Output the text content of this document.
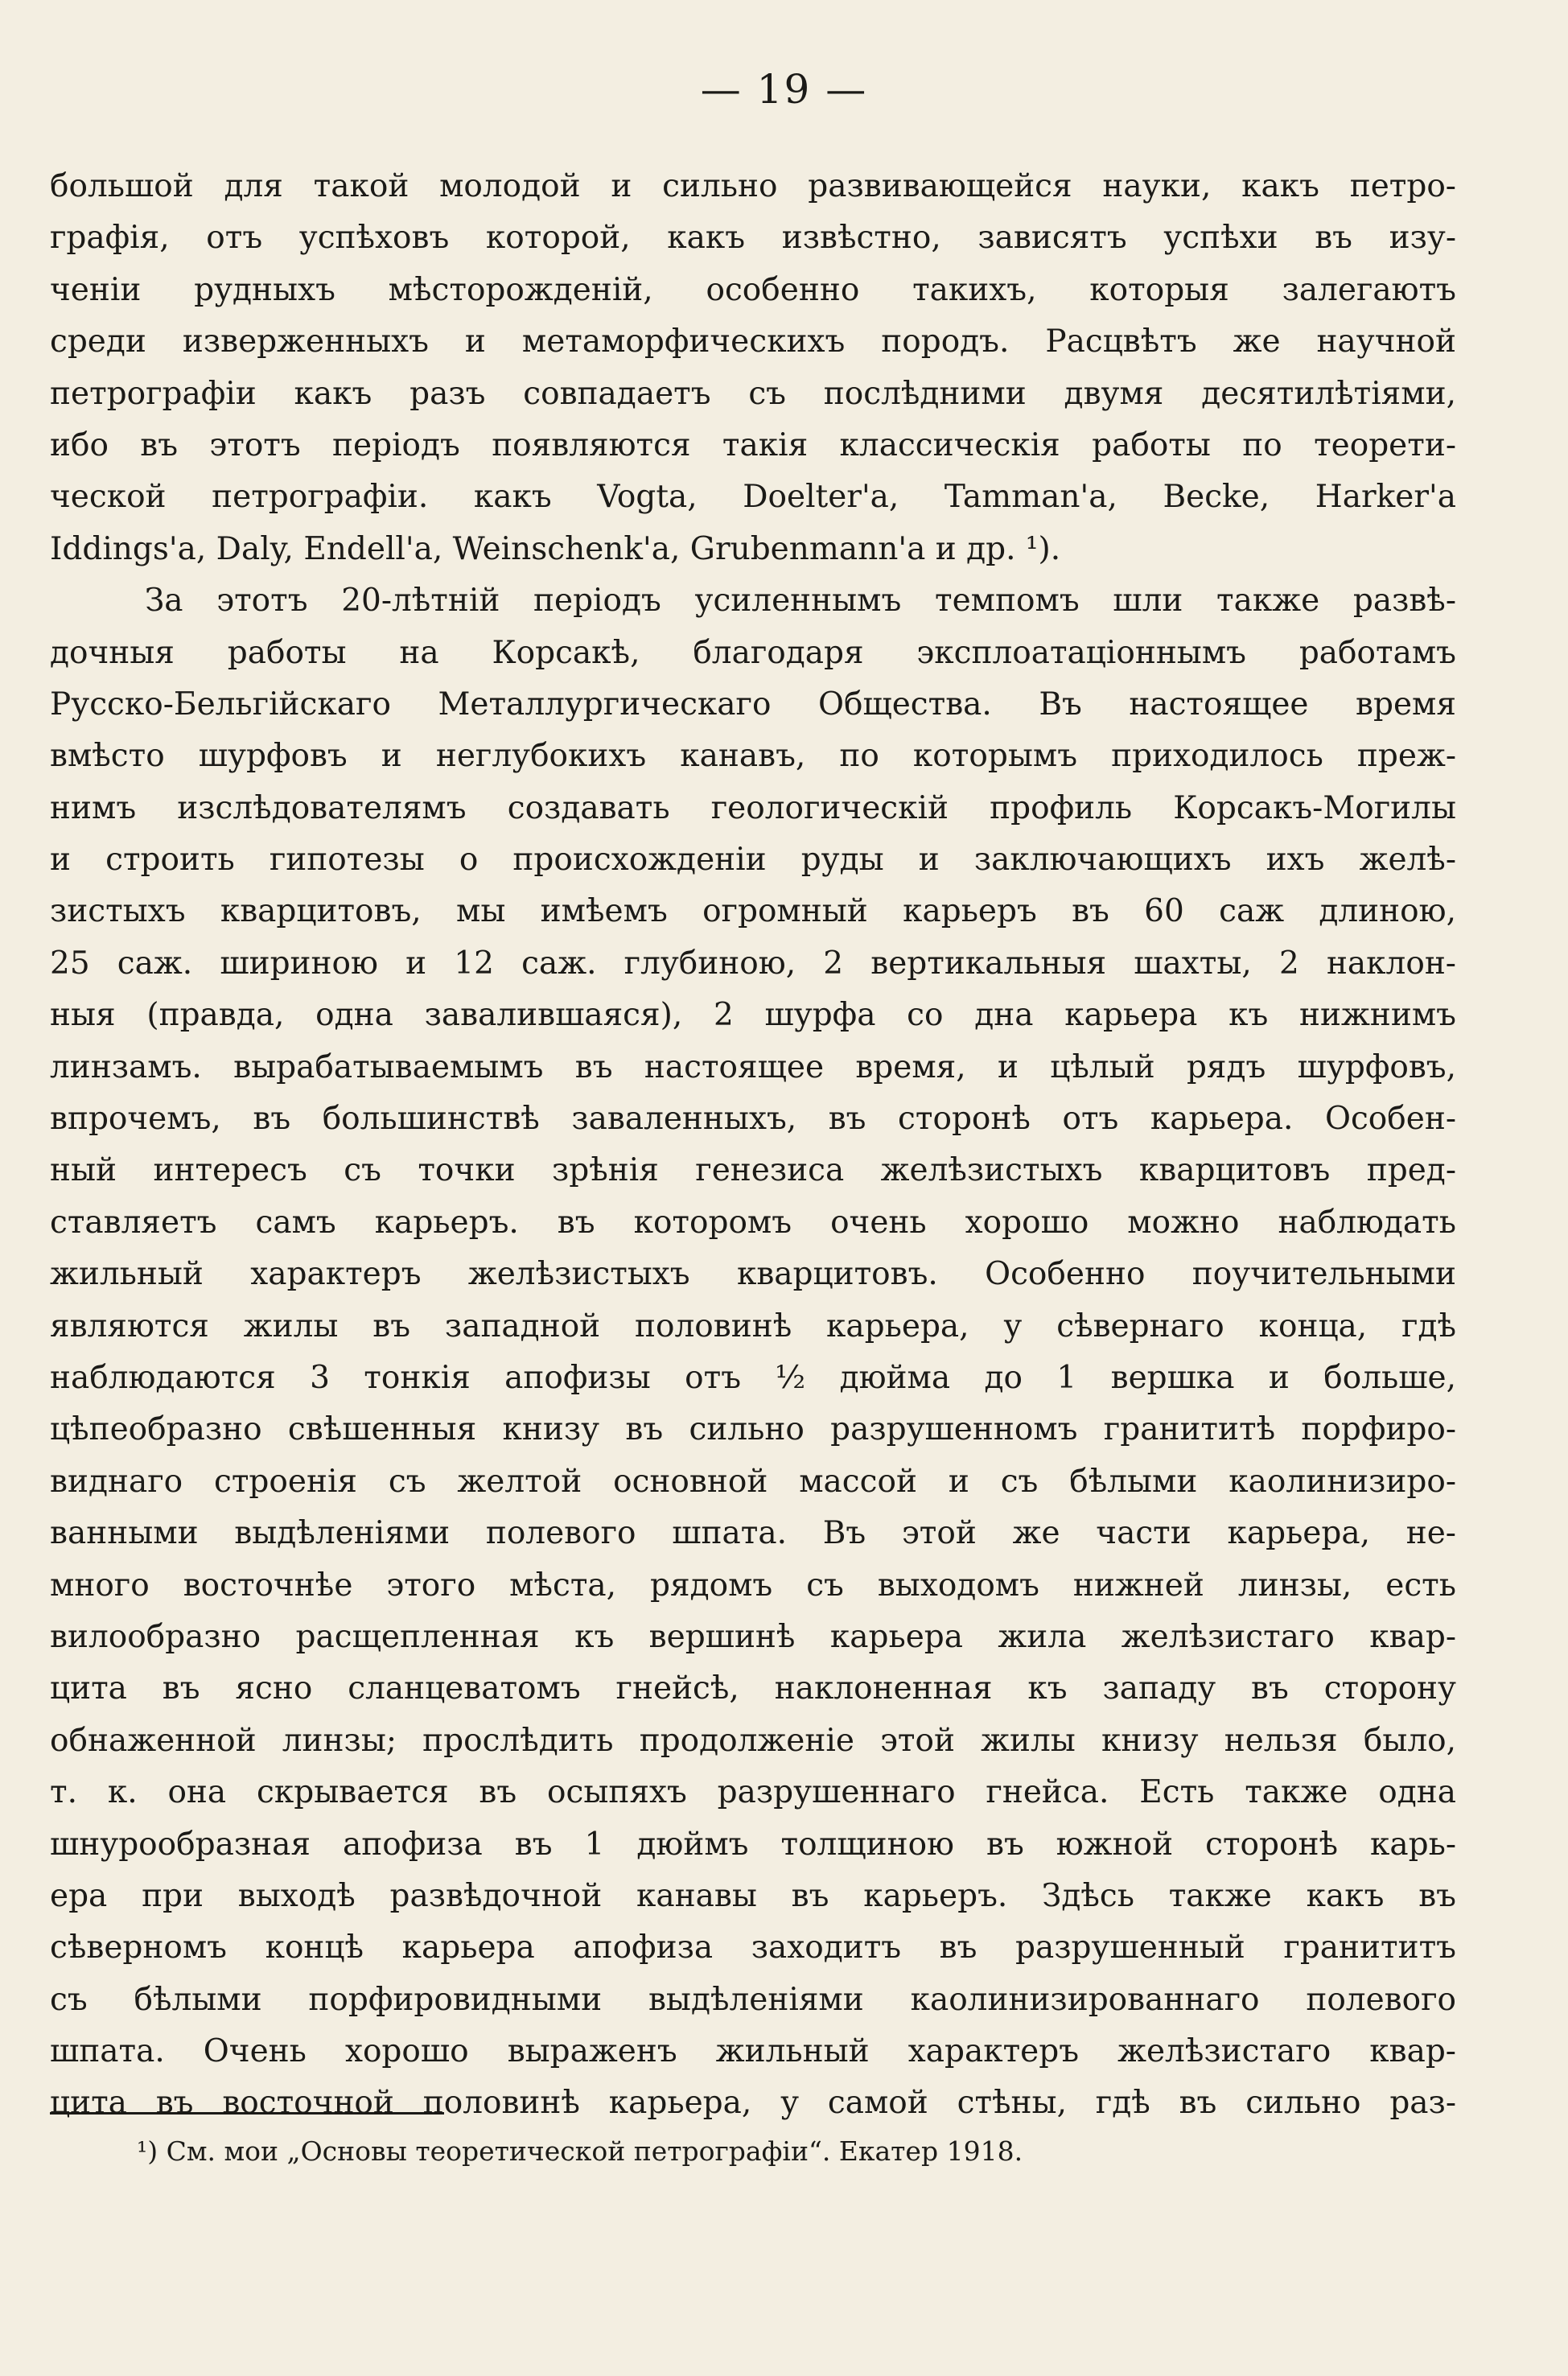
— 19 —
большой для такой молодой и сильно развивающейся науки, какъ петро-
графія, отъ успѣховъ которой, какъ извѣстно, зависятъ успѣхи въ изу-
ченіи рудныхъ мѣсторожденій, особенно такихъ, которыя залегаютъ
среди изверженныхъ и метаморфическихъ породъ. Расцвѣтъ же научной
петрографіи какъ разъ совпадаетъ съ послѣдними двумя десятилѣтіями,
ибо въ этотъ періодъ появляются такія классическія работы по теорети-
ческой петрографіи. какъ Vogta, Doelter'a, Tamman'a, Becke, Harker'a
Iddings'a, Daly, Endell'a, Weinschenk'a, Grubenmann'a и др. ¹).
За этотъ 20-лѣтній періодъ усиленнымъ темпомъ шли также развѣ-
дочныя работы на Корсакѣ, благодаря эксплоатаціоннымъ работамъ
Русско-Бельгійскаго Металлургическаго Общества. Въ настоящее время
вмѣсто шурфовъ и неглубокихъ канавъ, по которымъ приходилось преж-
нимъ изслѣдователямъ создавать геологическій профиль Корсакъ-Могилы
и строить гипотезы о происхожденіи руды и заключающихъ ихъ желѣ-
зистыхъ кварцитовъ, мы имѣемъ огромный карьеръ въ 60 саж длиною,
25 саж. шириною и 12 саж. глубиною, 2 вертикальныя шахты, 2 наклон-
ныя (правда, одна завалившаяся), 2 шурфа со дна карьера къ нижнимъ
линзамъ. вырабатываемымъ въ настоящее время, и цѣлый рядъ шурфовъ,
впрочемъ, въ большинствѣ заваленныхъ, въ сторонѣ отъ карьера. Особен-
ный интересъ съ точки зрѣнія генезиса желѣзистыхъ кварцитовъ пред-
ставляетъ самъ карьеръ. въ которомъ очень хорошо можно наблюдать
жильный характеръ желѣзистыхъ кварцитовъ. Особенно поучительными
являются жилы въ западной половинѣ карьера, у сѣвернаго конца, гдѣ
наблюдаются 3 тонкія апофизы отъ ½ дюйма до 1 вершка и больше,
цѣпеобразно свѣшенныя книзу въ сильно разрушенномъ гранититѣ порфиро-
виднаго строенія съ желтой основной массой и съ бѣлыми каолинизиро-
ванными выдѣленіями полевого шпата. Въ этой же части карьера, не-
много восточнѣе этого мѣста, рядомъ съ выходомъ нижней линзы, есть
вилообразно расщепленная къ вершинѣ карьера жила желѣзистаго квар-
цита въ ясно сланцеватомъ гнейсѣ, наклоненная къ западу въ сторону
обнаженной линзы; прослѣдить продолженіе этой жилы книзу нельзя было,
т. к. она скрывается въ осыпяхъ разрушеннаго гнейса. Есть также одна
шнурообразная апофиза въ 1 дюймъ толщиною въ южной сторонѣ карь-
ера при выходѣ развѣдочной канавы въ карьеръ. Здѣсь также какъ въ
сѣверномъ концѣ карьера апофиза заходитъ въ разрушенный гранититъ
съ бѣлыми порфировидными выдѣленіями каолинизированнаго полевого
шпата. Очень хорошо выраженъ жильный характеръ желѣзистаго квар-
цита въ восточной половинѣ карьера, у самой стѣны, гдѣ въ сильно раз-
¹) См. мои „Основы теоретической петрографіи“. Екатер 1918.
